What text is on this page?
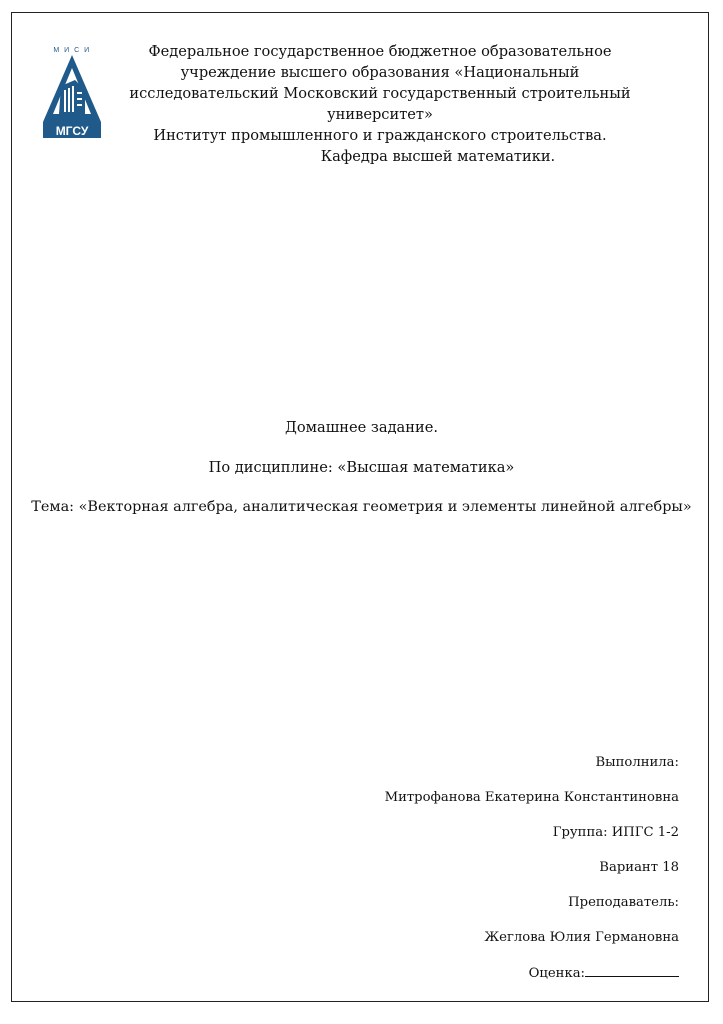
М И С И
МГСУ
Федеральное государственное бюджетное образовательное
учреждение высшего образования «Национальный
исследовательский Московский государственный строительный
университет»
Институт промышленного и гражданского строительства.
Кафедра высшей математики.
Домашнее задание.
По дисциплине: «Высшая математика»
Тема: «Векторная алгебра, аналитическая геометрия и элементы линейной алгебры»
Выполнила:
Митрофанова Екатерина Константиновна
Группа: ИПГС 1-2
Вариант 18
Преподаватель:
Жеглова Юлия Германовна
Оценка:
